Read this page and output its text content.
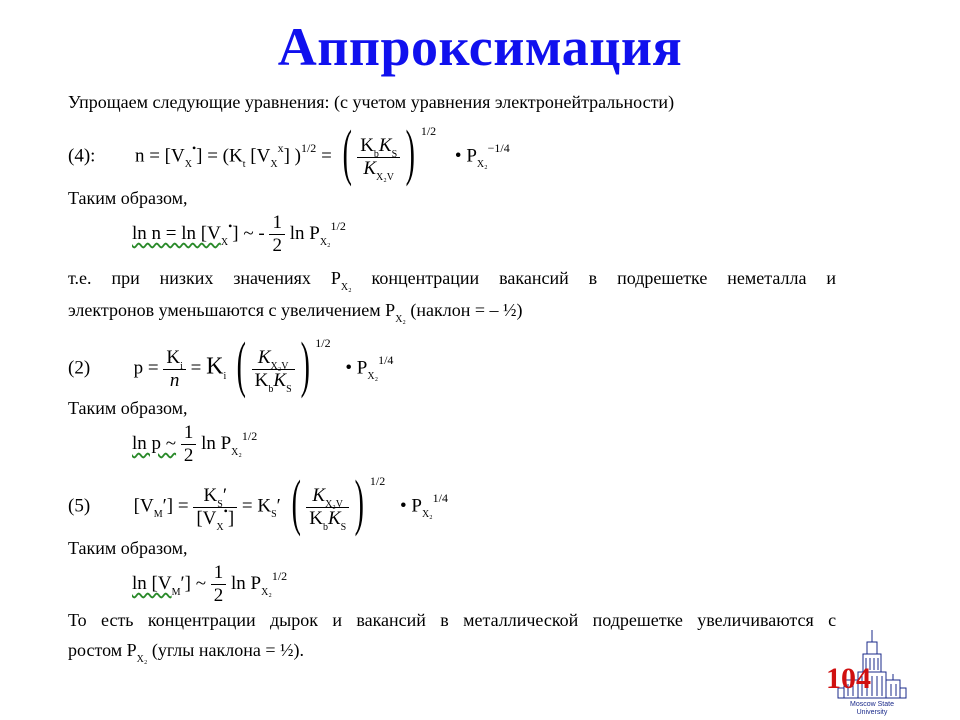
Аппроксимация
Упрощаем следующие уравнения: (с учетом уравнения электронейтральности)
(4): $n = [V_X^•] = (K_t$ $[V_X^x] )^{1/2}$ = ( $\frac{K_bK_S}{K_{X_2V}}$ ) $^{1/2}$ • $P_{X_2}^{-1/4}$
Таким образом,
$\ln n = \ln [V_X^•]$ ~ - $\frac{1}{2}$ $\ln P_{X_2}^{1/2}$
т.е. при низких значениях $P_{X_2}$ концентрации вакансий в подрешетке неметалла и
электронов уменьшаются с увеличением $P_{X_2}$ (наклон = – ½)
(2) $p = \frac{K_i}{n} = K_i$ ( $\frac{K_{X_2V}}{K_bK_S}$ ) $^{1/2}$ • $P_{X_2}^{1/4}$
Таким образом,
ln p ~ $\frac{1}{2}$ $\ln P_{X_2}^{1/2}$
(5) $[V_M'] = \frac{K_S'}{[V_X^•]} = K_S'$ ( $\frac{K_{X_2V}}{K_bK_S}$ ) $^{1/2}$ • $P_{X_2}^{1/4}$
Таким образом,
$\ln [V_M']$ ~ $\frac{1}{2}$ $\ln P_{X_2}^{1/2}$
То есть концентрации дырок и вакансий в металлической подрешетке увеличиваются с
ростом $P_{X_2}$ (углы наклона = ½).
Moscow State
University
104
